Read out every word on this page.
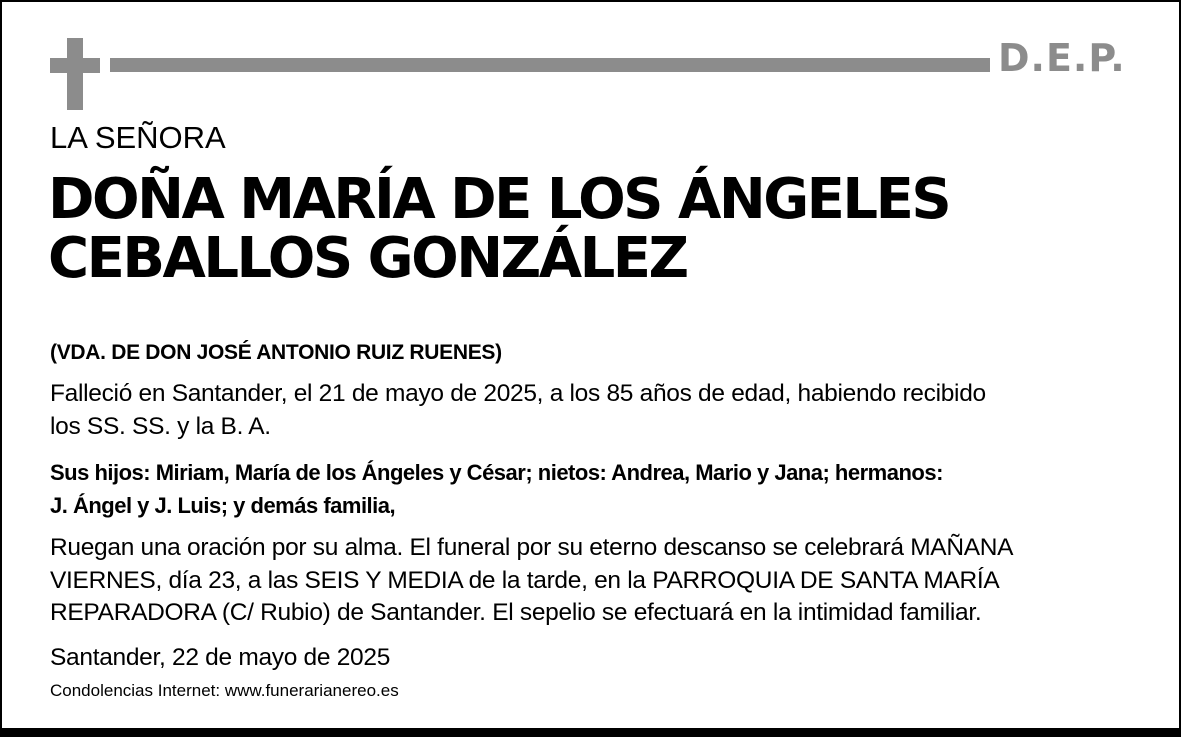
D.E.P.
LA SEÑORA
DOÑA MARÍA DE LOS ÁNGELES
CEBALLOS GONZÁLEZ
(VDA. DE DON JOSÉ ANTONIO RUIZ RUENES)
Falleció en Santander, el 21 de mayo de 2025, a los 85 años de edad, habiendo recibido
los SS. SS. y la B. A.
Sus hijos: Miriam, María de los Ángeles y César; nietos: Andrea, Mario y Jana; hermanos:
J. Ángel y J. Luis; y demás familia,
Ruegan una oración por su alma. El funeral por su eterno descanso se celebrará MAÑANA
VIERNES, día 23, a las SEIS Y MEDIA de la tarde, en la PARROQUIA DE SANTA MARÍA
REPARADORA (C/ Rubio) de Santander. El sepelio se efectuará en la intimidad familiar.
Santander, 22 de mayo de 2025
Condolencias Internet: www.funerarianereo.es
